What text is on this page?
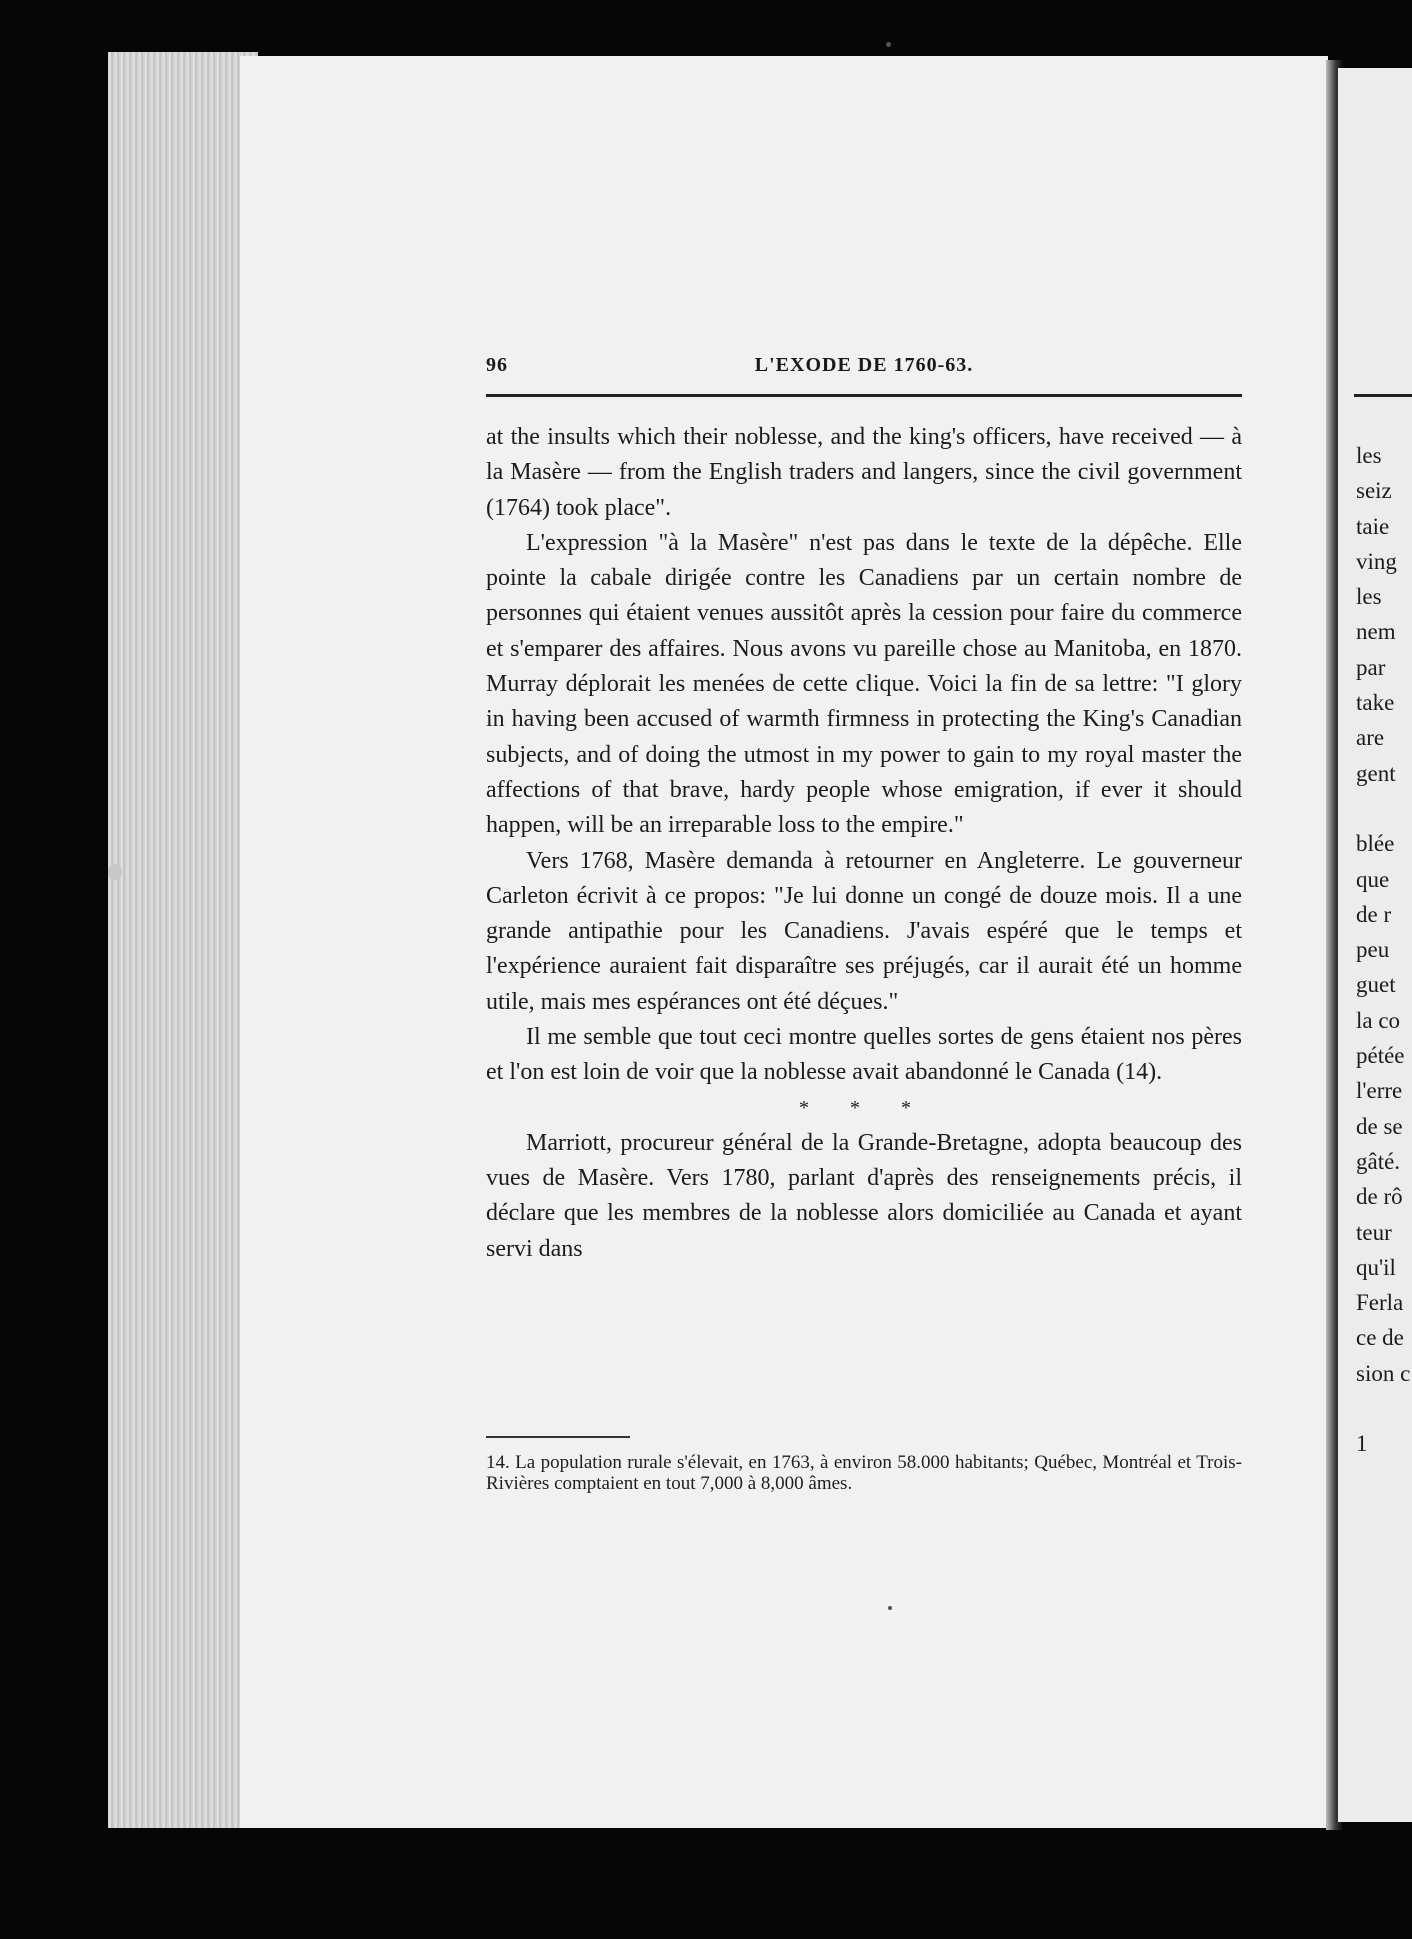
les
seiz
taie
ving
les
nem
par
take
are
gent

blée
que
de r
peu
guet
la co
pétée
l'erre
de se
gâté.
de rô
teur
qu'il
Ferla
ce de
sion c

1
96	L'EXODE DE 1760-63.

at the insults which their noblesse, and the king's officers, have received — à la Masère — from the English traders and langers, since the civil government (1764) took place".

L'expression "à la Masère" n'est pas dans le texte de la dépêche. Elle pointe la cabale dirigée contre les Canadiens par un certain nombre de personnes qui étaient venues aussitôt après la cession pour faire du commerce et s'emparer des affaires. Nous avons vu pareille chose au Manitoba, en 1870. Murray déplorait les menées de cette clique. Voici la fin de sa lettre: "I glory in having been accused of warmth firmness in protecting the King's Canadian subjects, and of doing the utmost in my power to gain to my royal master the affections of that brave, hardy people whose emigration, if ever it should happen, will be an irreparable loss to the empire."

Vers 1768, Masère demanda à retourner en Angleterre. Le gouverneur Carleton écrivit à ce propos: "Je lui donne un congé de douze mois. Il a une grande antipathie pour les Canadiens. J'avais espéré que le temps et l'expérience auraient fait disparaître ses préjugés, car il aurait été un homme utile, mais mes espérances ont été déçues."

Il me semble que tout ceci montre quelles sortes de gens étaient nos pères et l'on est loin de voir que la noblesse avait abandonné le Canada (14).

* * *

Marriott, procureur général de la Grande-Bretagne, adopta beaucoup des vues de Masère. Vers 1780, parlant d'après des renseignements précis, il déclare que les membres de la noblesse alors domiciliée au Canada et ayant servi dans

14. La population rurale s'élevait, en 1763, à environ 58.000 habitants; Québec, Montréal et Trois-Rivières comptaient en tout 7,000 à 8,000 âmes.
